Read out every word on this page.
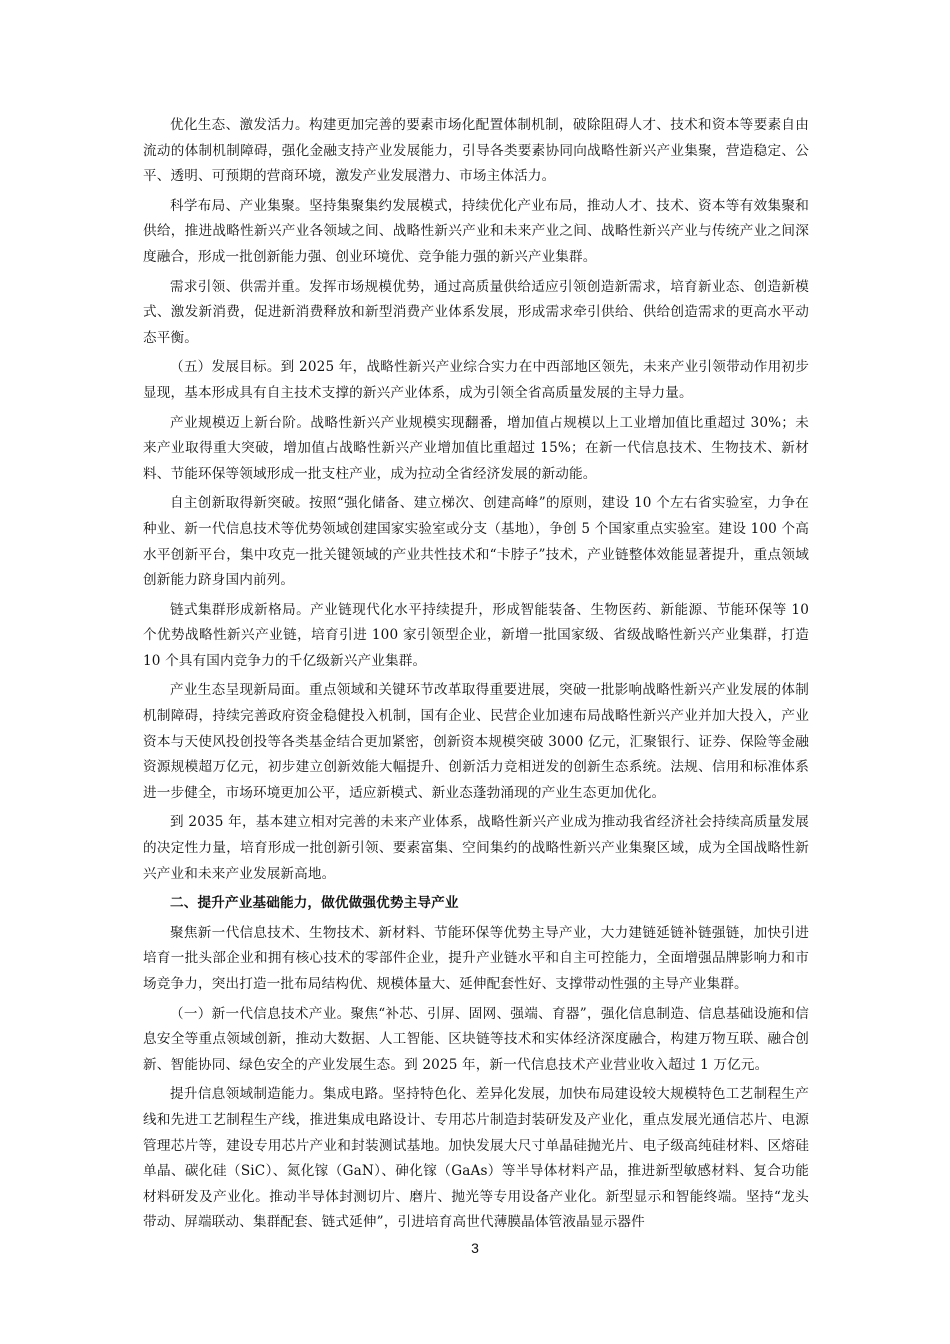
优化生态、激发活力。构建更加完善的要素市场化配置体制机制，破除阻碍人才、技术和资本等要素自由流动的体制机制障碍，强化金融支持产业发展能力，引导各类要素协同向战略性新兴产业集聚，营造稳定、公平、透明、可预期的营商环境，激发产业发展潜力、市场主体活力。

科学布局、产业集聚。坚持集聚集约发展模式，持续优化产业布局，推动人才、技术、资本等有效集聚和供给，推进战略性新兴产业各领域之间、战略性新兴产业和未来产业之间、战略性新兴产业与传统产业之间深度融合，形成一批创新能力强、创业环境优、竞争能力强的新兴产业集群。

需求引领、供需并重。发挥市场规模优势，通过高质量供给适应引领创造新需求，培育新业态、创造新模式、激发新消费，促进新消费释放和新型消费产业体系发展，形成需求牵引供给、供给创造需求的更高水平动态平衡。

（五）发展目标。到 2025 年，战略性新兴产业综合实力在中西部地区领先，未来产业引领带动作用初步显现，基本形成具有自主技术支撑的新兴产业体系，成为引领全省高质量发展的主导力量。

产业规模迈上新台阶。战略性新兴产业规模实现翻番，增加值占规模以上工业增加值比重超过 30%；未来产业取得重大突破，增加值占战略性新兴产业增加值比重超过 15%；在新一代信息技术、生物技术、新材料、节能环保等领域形成一批支柱产业，成为拉动全省经济发展的新动能。

自主创新取得新突破。按照“强化储备、建立梯次、创建高峰”的原则，建设 10 个左右省实验室，力争在种业、新一代信息技术等优势领域创建国家实验室或分支（基地），争创 5 个国家重点实验室。建设 100 个高水平创新平台，集中攻克一批关键领域的产业共性技术和“卡脖子”技术，产业链整体效能显著提升，重点领域创新能力跻身国内前列。

链式集群形成新格局。产业链现代化水平持续提升，形成智能装备、生物医药、新能源、节能环保等 10 个优势战略性新兴产业链，培育引进 100 家引领型企业，新增一批国家级、省级战略性新兴产业集群，打造 10 个具有国内竞争力的千亿级新兴产业集群。

产业生态呈现新局面。重点领域和关键环节改革取得重要进展，突破一批影响战略性新兴产业发展的体制机制障碍，持续完善政府资金稳健投入机制，国有企业、民营企业加速布局战略性新兴产业并加大投入，产业资本与天使风投创投等各类基金结合更加紧密，创新资本规模突破 3000 亿元，汇聚银行、证券、保险等金融资源规模超万亿元，初步建立创新效能大幅提升、创新活力竞相迸发的创新生态系统。法规、信用和标准体系进一步健全，市场环境更加公平，适应新模式、新业态蓬勃涌现的产业生态更加优化。

到 2035 年，基本建立相对完善的未来产业体系，战略性新兴产业成为推动我省经济社会持续高质量发展的决定性力量，培育形成一批创新引领、要素富集、空间集约的战略性新兴产业集聚区域，成为全国战略性新兴产业和未来产业发展新高地。

二、提升产业基础能力，做优做强优势主导产业

聚焦新一代信息技术、生物技术、新材料、节能环保等优势主导产业，大力建链延链补链强链，加快引进培育一批头部企业和拥有核心技术的零部件企业，提升产业链水平和自主可控能力，全面增强品牌影响力和市场竞争力，突出打造一批布局结构优、规模体量大、延伸配套性好、支撑带动性强的主导产业集群。

（一）新一代信息技术产业。聚焦“补芯、引屏、固网、强端、育器”，强化信息制造、信息基础设施和信息安全等重点领域创新，推动大数据、人工智能、区块链等技术和实体经济深度融合，构建万物互联、融合创新、智能协同、绿色安全的产业发展生态。到 2025 年，新一代信息技术产业营业收入超过 1 万亿元。

提升信息领域制造能力。集成电路。坚持特色化、差异化发展，加快布局建设较大规模特色工艺制程生产线和先进工艺制程生产线，推进集成电路设计、专用芯片制造封装研发及产业化，重点发展光通信芯片、电源管理芯片等，建设专用芯片产业和封装测试基地。加快发展大尺寸单晶硅抛光片、电子级高纯硅材料、区熔硅单晶、碳化硅（SiC）、氮化镓（GaN）、砷化镓（GaAs）等半导体材料产品，推进新型敏感材料、复合功能材料研发及产业化。推动半导体封测切片、磨片、抛光等专用设备产业化。新型显示和智能终端。坚持“龙头带动、屏端联动、集群配套、链式延伸”，引进培育高世代薄膜晶体管液晶显示器件

3
